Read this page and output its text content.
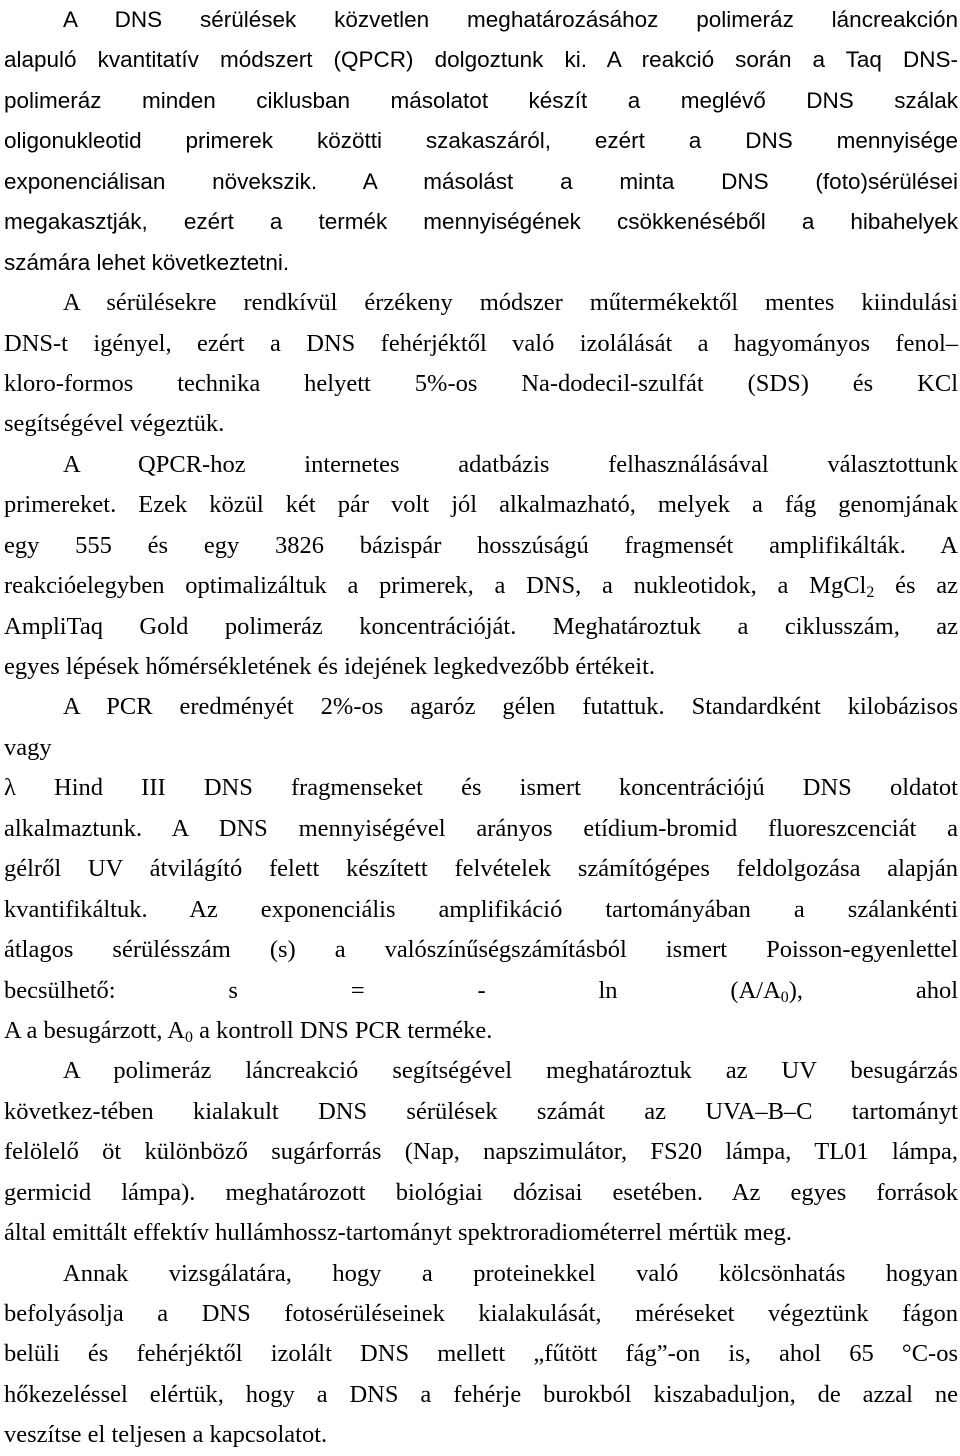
A DNS sérülések közvetlen meghatározásához polimeráz láncreakción
alapuló kvantitatív módszert (QPCR) dolgoztunk ki. A reakció során a Taq DNS-
polimeráz minden ciklusban másolatot készít a meglévő DNS szálak
oligonukleotid primerek közötti szakaszáról, ezért a DNS mennyisége
exponenciálisan növekszik. A másolást a minta DNS (foto)sérülései
megakasztják, ezért a termék mennyiségének csökkenéséből a hibahelyek
számára lehet következtetni.
A sérülésekre rendkívül érzékeny módszer műtermékektől mentes kiindulási
DNS-t igényel, ezért a DNS fehérjéktől való izolálását a hagyományos fenol–
kloro-formos technika helyett 5%-os Na-dodecil-szulfát (SDS) és KCl
segítségével végeztük.
A QPCR-hoz internetes adatbázis felhasználásával választottunk
primereket. Ezek közül két pár volt jól alkalmazható, melyek a fág genomjának
egy 555 és egy 3826 bázispár hosszúságú fragmensét amplifikálták. A
reakcióelegyben optimalizáltuk a primerek, a DNS, a nukleotidok, a MgCl$_2$ és az
AmpliTaq Gold polimeráz koncentrációját. Meghatároztuk a ciklusszám, az
egyes lépések hőmérsékletének és idejének legkedvezőbb értékeit.
A PCR eredményét 2%-os agaróz gélen futattuk. Standardként kilobázisos
vagy
λ Hind III DNS fragmenseket és ismert koncentrációjú DNS oldatot
alkalmaztunk. A DNS mennyiségével arányos etídium-bromid fluoreszcenciát a
gélről UV átvilágító felett készített felvételek számítógépes feldolgozása alapján
kvantifikáltuk. Az exponenciális amplifikáció tartományában a szálankénti
átlagos sérülésszám (s) a valószínűségszámításból ismert Poisson-egyenlettel
becsülhető:	s	=	-	ln	$(A/A_0)$,	ahol
A a besugárzott, $A_0$ a kontroll DNS PCR terméke.
A polimeráz láncreakció segítségével meghatároztuk az UV besugárzás
következ-tében kialakult DNS sérülések számát az UVA–B–C tartományt
felölelő öt különböző sugárforrás (Nap, napszimulátor, FS20 lámpa, TL01 lámpa,
germicid lámpa). meghatározott biológiai dózisai esetében. Az egyes források
által emittált effektív hullámhossz-tartományt spektroradiométerrel mértük meg.
Annak vizsgálatára, hogy a proteinekkel való kölcsönhatás hogyan
befolyásolja a DNS fotosérüléseinek kialakulását, méréseket végeztünk fágon
belüli és fehérjéktől izolált DNS mellett „fűtött fág”-on is, ahol 65 °C-os
hőkezeléssel elértük, hogy a DNS a fehérje burokból kiszabaduljon, de azzal ne
veszítse el teljesen a kapcsolatot.
